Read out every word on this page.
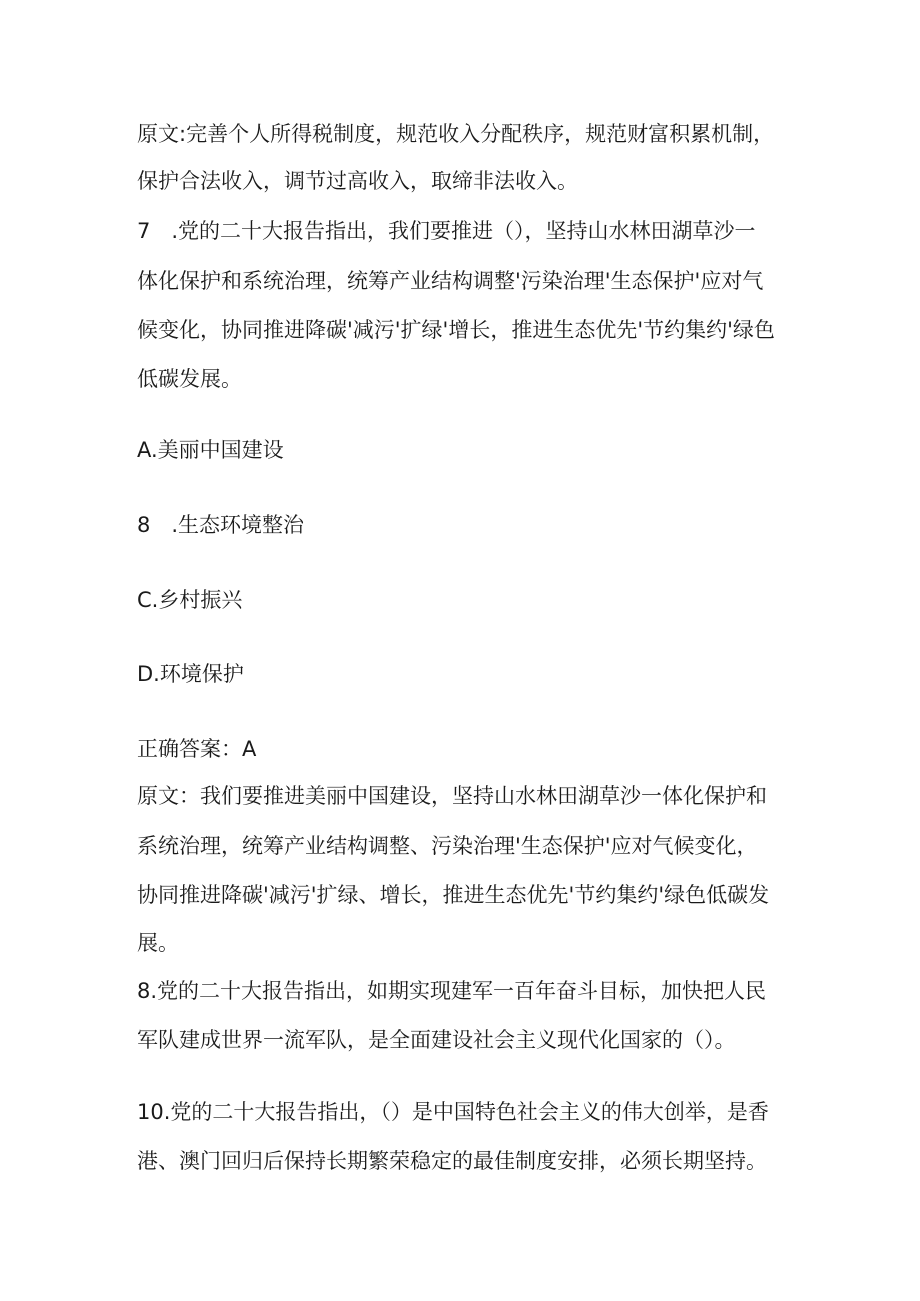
原文:完善个人所得税制度，规范收入分配秩序，规范财富积累机制，
保护合法收入，调节过高收入，取缔非法收入。
7　.党的二十大报告指出，我们要推进（），坚持山水林田湖草沙一
体化保护和系统治理，统筹产业结构调整'污染治理'生态保护'应对气
候变化，协同推进降碳'减污'扩绿'增长，推进生态优先'节约集约'绿色
低碳发展。
A.美丽中国建设
8　.生态环境整治
C.乡村振兴
D.环境保护
正确答案：A
原文：我们要推进美丽中国建设，坚持山水林田湖草沙一体化保护和
系统治理，统筹产业结构调整、污染治理'生态保护'应对气候变化，
协同推进降碳'减污'扩绿、增长，推进生态优先'节约集约'绿色低碳发
展。
8.党的二十大报告指出，如期实现建军一百年奋斗目标，加快把人民
军队建成世界一流军队，是全面建设社会主义现代化国家的（）。
10.党的二十大报告指出，（）是中国特色社会主义的伟大创举，是香
港、澳门回归后保持长期繁荣稳定的最佳制度安排，必须长期坚持。
